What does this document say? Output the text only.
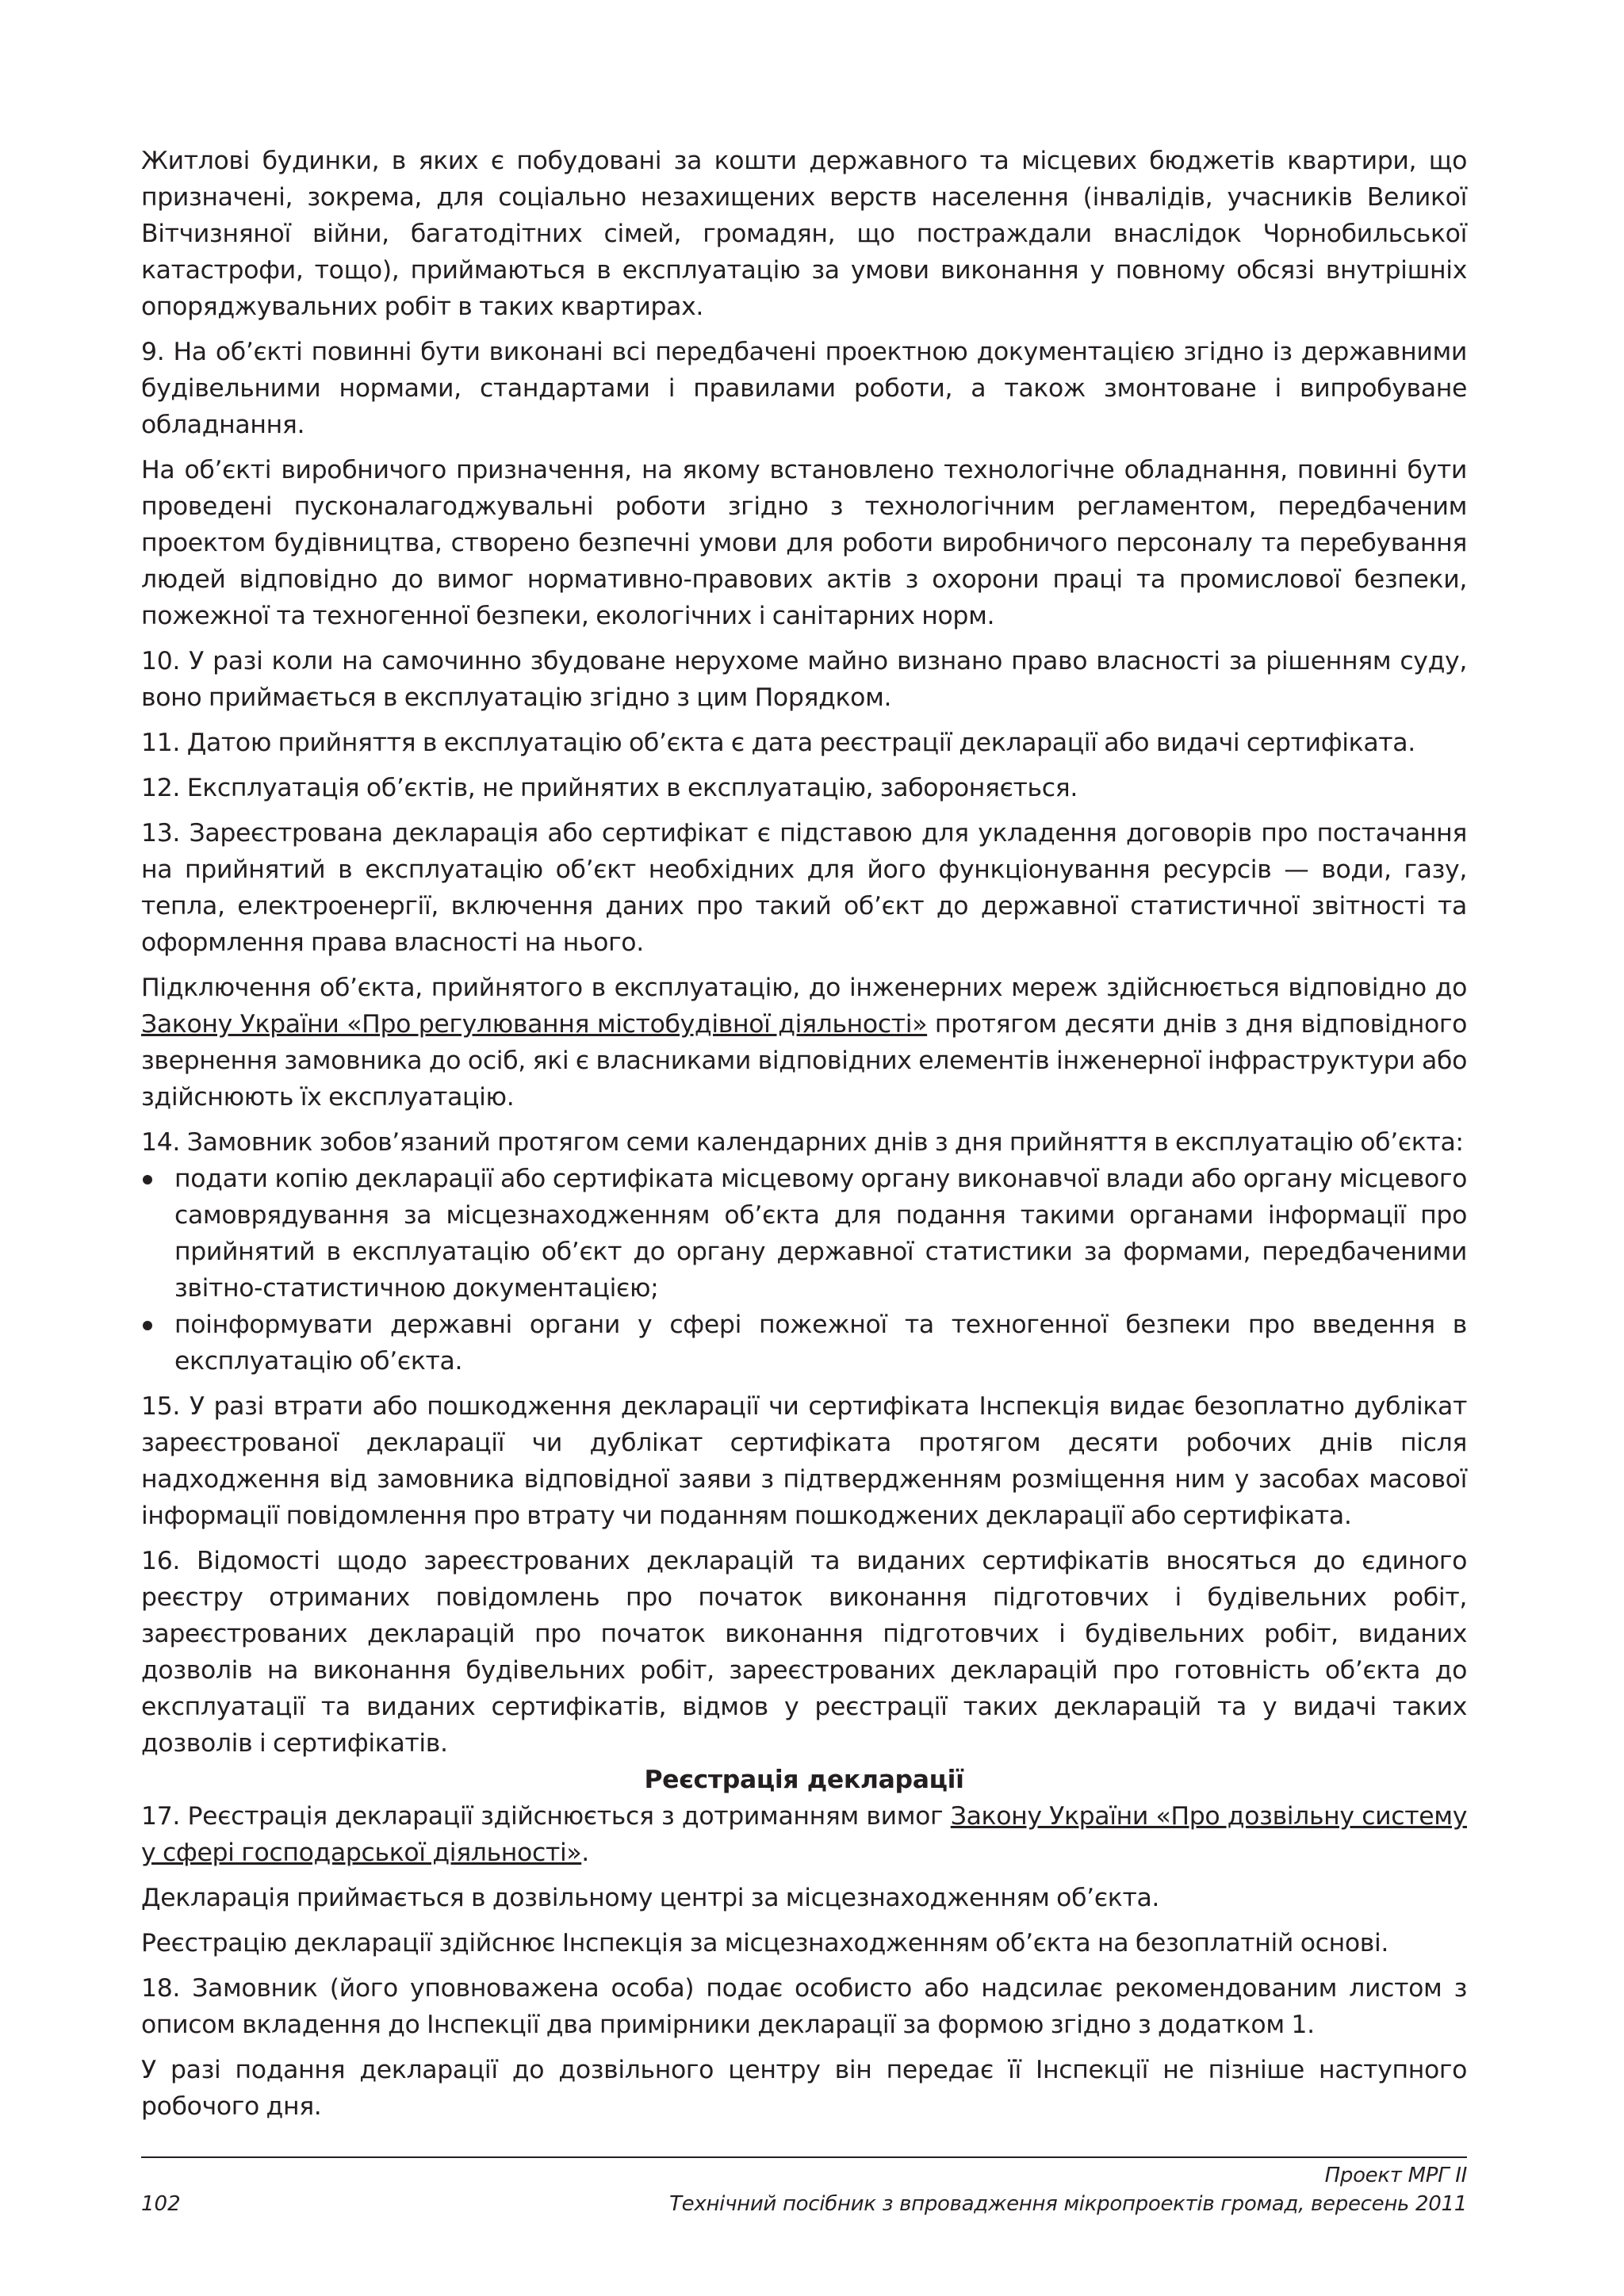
Житлові будинки, в яких є побудовані за кошти державного та місцевих бюджетів квартири, що призначені, зокрема, для соціально незахищених верств населення (інвалідів, учасників Великої Вітчизняної війни, багатодітних сімей, громадян, що постраждали внаслідок Чорнобильської катастрофи, тощо), приймаються в експлуатацію за умови виконання у повному обсязі внутрішніх опоряджувальних робіт в таких квартирах.

9. На об’єкті повинні бути виконані всі передбачені проектною документацією згідно із державними будівельними нормами, стандартами і правилами роботи, а також змонтоване і випробуване обладнання.

На об’єкті виробничого призначення, на якому встановлено технологічне обладнання, повинні бути проведені пусконалагоджувальні роботи згідно з технологічним регламентом, передбаченим проектом будівництва, створено безпечні умови для роботи виробничого персоналу та перебування людей відповідно до вимог нормативно-правових актів з охорони праці та промислової безпеки, пожежної та техногенної безпеки, екологічних і санітарних норм.

10. У разі коли на самочинно збудоване нерухоме майно визнано право власності за рішенням суду, воно приймається в експлуатацію згідно з цим Порядком.

11. Датою прийняття в експлуатацію об’єкта є дата реєстрації декларації або видачі сертифіката.

12. Експлуатація об’єктів, не прийнятих в експлуатацію, забороняється.

13. Зареєстрована декларація або сертифікат є підставою для укладення договорів про постачання на прийнятий в експлуатацію об’єкт необхідних для його функціонування ресурсів — води, газу, тепла, електроенергії, включення даних про такий об’єкт до державної статистичної звітності та оформлення права власності на нього.

Підключення об’єкта, прийнятого в експлуатацію, до інженерних мереж здійснюється відповідно до Закону України «Про регулювання містобудівної діяльності» протягом десяти днів з дня відповідного звернення замовника до осіб, які є власниками відповідних елементів інженерної інфраструктури або здійснюють їх експлуатацію.

14. Замовник зобов’язаний протягом семи календарних днів з дня прийняття в експлуатацію об’єкта:

подати копію декларації або сертифіката місцевому органу виконавчої влади або органу місцевого самоврядування за місцезнаходженням об’єкта для подання такими органами інформації про прийнятий в експлуатацію об’єкт до органу державної статистики за формами, передбаченими звітно-статистичною документацією;
поінформувати державні органи у сфері пожежної та техногенної безпеки про введення в експлуатацію об’єкта.

15. У разі втрати або пошкодження декларації чи сертифіката Інспекція видає безоплатно дублікат зареєстрованої декларації чи дублікат сертифіката протягом десяти робочих днів після надходження від замовника відповідної заяви з підтвердженням розміщення ним у засобах масової інформації повідомлення про втрату чи поданням пошкоджених декларації або сертифіката.

16. Відомості щодо зареєстрованих декларацій та виданих сертифікатів вносяться до єдиного реєстру отриманих повідомлень про початок виконання підготовчих і будівельних робіт, зареєстрованих декларацій про початок виконання підготовчих і будівельних робіт, виданих дозволів на виконання будівельних робіт, зареєстрованих декларацій про готовність об’єкта до експлуатації та виданих сертифікатів, відмов у реєстрації таких декларацій та у видачі таких дозволів і сертифікатів.

Реєстрація декларації

17. Реєстрація декларації здійснюється з дотриманням вимог Закону України «Про дозвільну систему у сфері господарської діяльності».

Декларація приймається в дозвільному центрі за місцезнаходженням об’єкта.

Реєстрацію декларації здійснює Інспекція за місцезнаходженням об’єкта на безоплатній основі.

18. Замовник (його уповноважена особа) подає особисто або надсилає рекомендованим листом з описом вкладення до Інспекції два примірники декларації за формою згідно з додатком 1.

У разі подання декларації до дозвільного центру він передає її Інспекції не пізніше наступного робочого дня.

Проект МРГ ІІ
Технічний посібник з впровадження мікропроектів громад, вересень 2011
102
